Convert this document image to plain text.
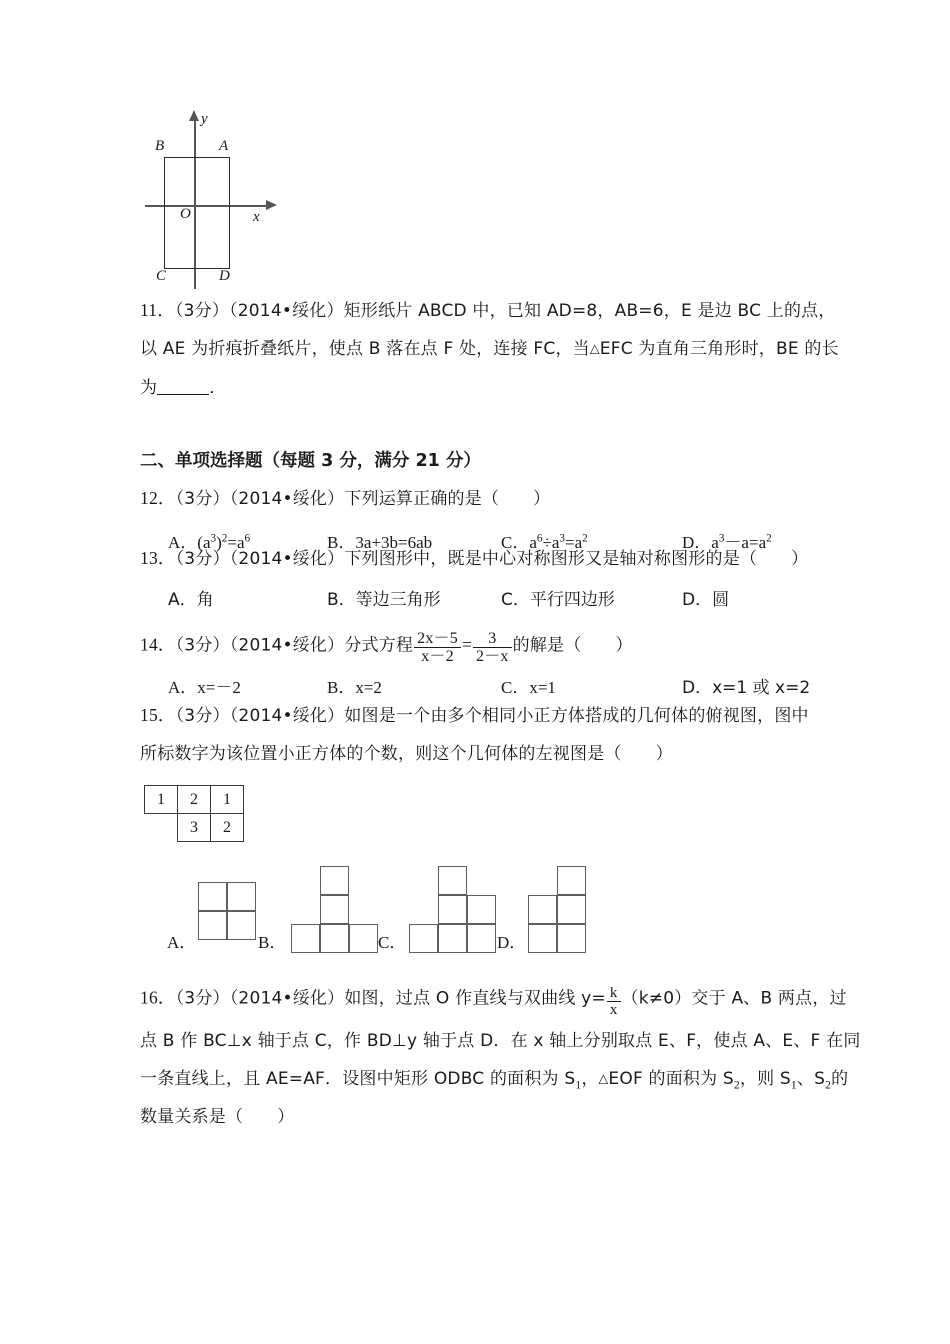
y
x
B	A
C	D
O
11．（3分）（2014•绥化）矩形纸片 ABCD 中，已知 AD=8，AB=6，E 是边 BC 上的点，
以 AE 为折痕折叠纸片，使点 B 落在点 F 处，连接 FC，当△EFC 为直角三角形时，BE 的长
为	．
二、单项选择题（每题 3 分，满分 21 分）
12．（3分）（2014•绥化）下列运算正确的是（ ）
A．$(a^3)^2=a^6$	B．3a+3b=6ab	C．$a^6\div a^3=a^2$	D．$a^3-a=a^2$
13．（3分）（2014•绥化）下列图形中，既是中心对称图形又是轴对称图形的是（ ）
A．角	B．等边三角形	C．平行四边形	D．圆
14．（3分）（2014•绥化）分式方程 $\frac{2x-5}{x-2} = \frac{3}{2-x}$ 的解是（ ）
A．x=－2	B．x=2	C．x=1	D．x=1 或 x=2
15．（3分）（2014•绥化）如图是一个由多个相同小正方体搭成的几何体的俯视图，图中
所标数字为该位置小正方体的个数，则这个几何体的左视图是（ ）
1	2	1
	3	2
A．	B．	C．	D．
16．（3分）（2014•绥化）如图，过点 O 作直线与双曲线 $y= \frac{k}{x} (k\ne 0)$交于 A、B 两点，过
点 B 作 BC⊥x 轴于点 C，作 BD⊥y 轴于点 D．在 x 轴上分别取点 E、F，使点 A、E、F 在同
一条直线上，且 AE=AF．设图中矩形 ODBC 的面积为 $S_1$，△EOF 的面积为 $S_2$，则 $S_1$、$S_2$的
数量关系是（ ）
